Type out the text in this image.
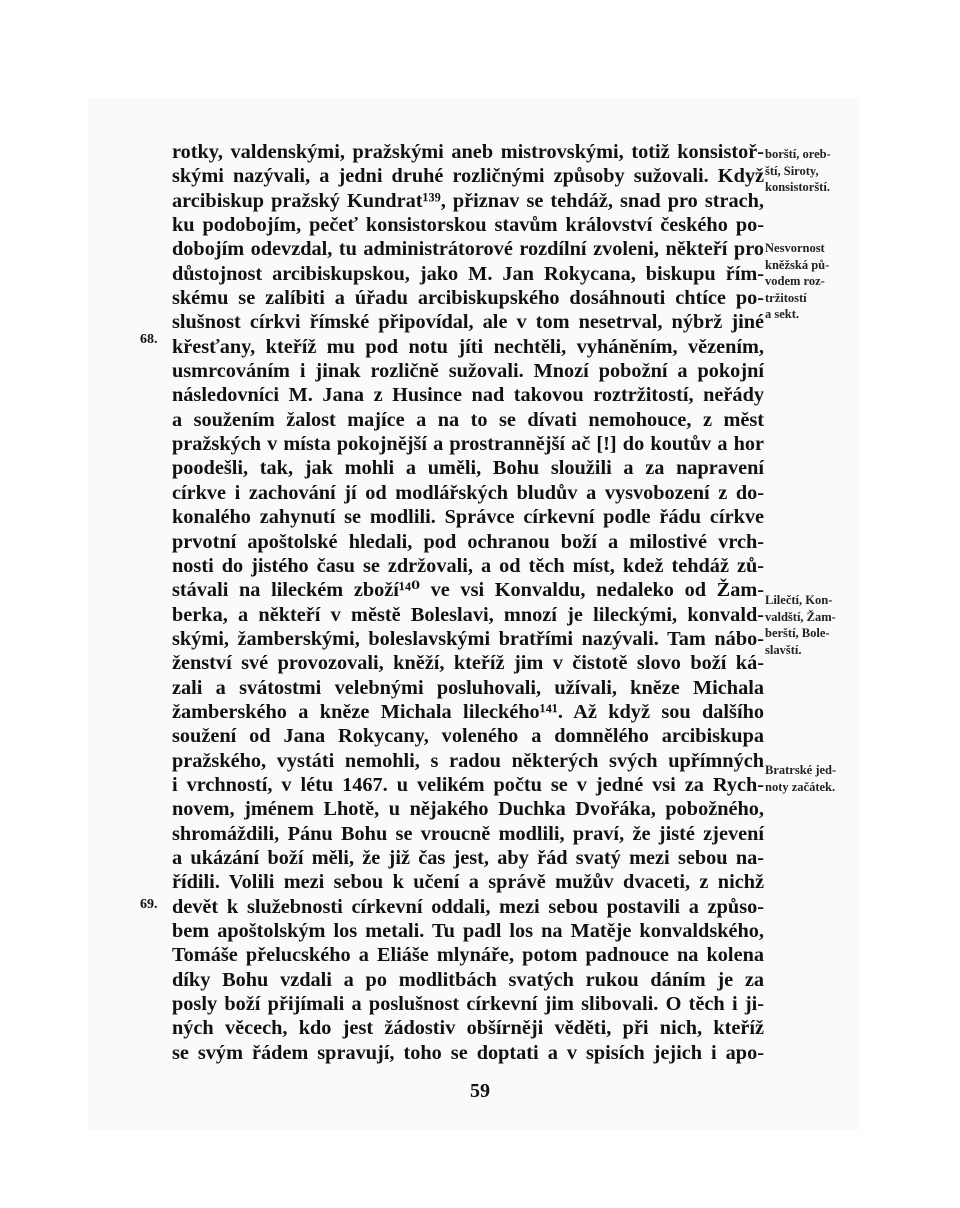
rotky, valdenskými, pražskými aneb mistrovskými, totiž konsistoř-
skými nazývali, a jedni druhé rozličnými způsoby sužovali. Když
arcibiskup pražský Kundrat¹³⁹, přiznav se tehdáž, snad pro strach,
ku podobojím, pečeť konsistorskou stavům království českého po-
dobojím odevzdal, tu administrátorové rozdílní zvoleni, někteří pro
důstojnost arcibiskupskou, jako M. Jan Rokycana, biskupu řím-
skému se zalíbiti a úřadu arcibiskupského dosáhnouti chtíce po-
slušnost církvi římské připovídal, ale v tom nesetrval, nýbrž jiné
křesťany, kteříž mu pod notu jíti nechtěli, vyháněním, vězením,
usmrcováním i jinak rozličně sužovali. Mnozí pobožní a pokojní
následovníci M. Jana z Husince nad takovou roztržitostí, neřády
a soužením žalost majíce a na to se dívati nemohouce, z měst
pražských v místa pokojnější a prostrannější ač [!] do koutův a hor
poodešli, tak, jak mohli a uměli, Bohu sloužili a za napravení
církve i zachování jí od modlářských bludův a vysvobození z do-
konalého zahynutí se modlili. Správce církevní podle řádu církve
prvotní apoštolské hledali, pod ochranou boží a milostivé vrch-
nosti do jistého času se zdržovali, a od těch míst, kdež tehdáž zů-
stávali na lileckém zboží¹⁴⁰ ve vsi Konvaldu, nedaleko od Žam-
berka, a někteří v městě Boleslavi, mnozí je lileckými, konvald-
skými, žamberskými, boleslavskými bratřími nazývali. Tam nábo-
ženství své provozovali, kněží, kteříž jim v čistotě slovo boží ká-
zali a svátostmi velebnými posluhovali, užívali, kněze Michala
žamberského a kněze Michala lileckého¹⁴¹. Až když sou dalšího
soužení od Jana Rokycany, voleného a domnělého arcibiskupa
pražského, vystáti nemohli, s radou některých svých upřímných
i vrchností, v létu 1467. u velikém počtu se v jedné vsi za Rych-
novem, jménem Lhotě, u nějakého Duchka Dvořáka, pobožného,
shromáždili, Pánu Bohu se vroucně modlili, praví, že jisté zjevení
a ukázání boží měli, že již čas jest, aby řád svatý mezi sebou na-
řídili. Volili mezi sebou k učení a správě mužův dvaceti, z nichž
devět k služebnosti církevní oddali, mezi sebou postavili a způso-
bem apoštolským los metali. Tu padl los na Matěje konvaldského,
Tomáše přelucského a Eliáše mlynáře, potom padnouce na kolena
díky Bohu vzdali a po modlitbách svatých rukou dáním je za
posly boží přijímali a poslušnost církevní jim slibovali. O těch i ji-
ných věcech, kdo jest žádostiv obšírněji věděti, při nich, kteříž
se svým řádem spravují, toho se doptati a v spisích jejich i apo-
68.
69.
borští, oreb-
ští, Siroty,
konsistorští.
Nesvornost
kněžská pů-
vodem roz-
tržitostí
a sekt.
Lilečtí, Kon-
valdští, Žam-
berští, Bole-
slavští.
Bratrské jed-
noty začátek.
59
